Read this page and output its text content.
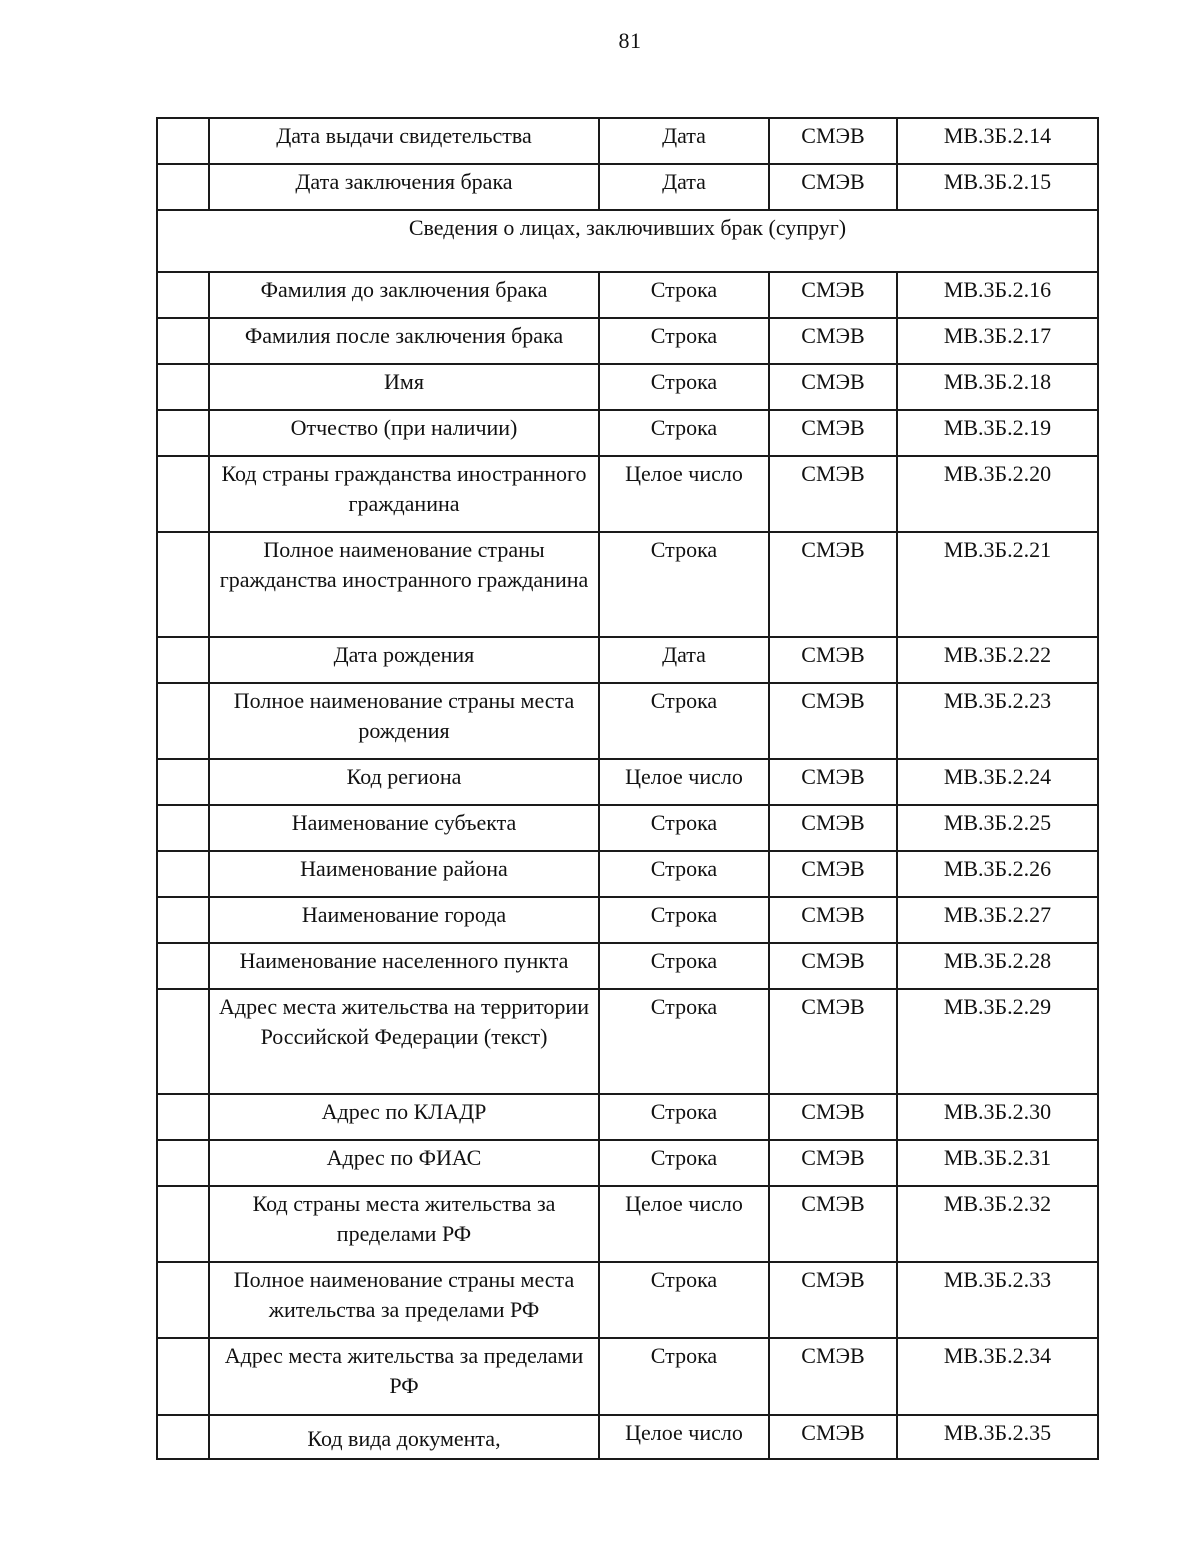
81
	Дата выдачи свидетельства	Дата	СМЭВ	МВ.3Б.2.14
	Дата заключения брака	Дата	СМЭВ	МВ.3Б.2.15
Сведения о лицах, заключивших брак (супруг)				
	Фамилия до заключения брака	Строка	СМЭВ	МВ.3Б.2.16
	Фамилия после заключения брака	Строка	СМЭВ	МВ.3Б.2.17
	Имя	Строка	СМЭВ	МВ.3Б.2.18
	Отчество (при наличии)	Строка	СМЭВ	МВ.3Б.2.19
	Код страны гражданства иностранного гражданина	Целое число	СМЭВ	МВ.3Б.2.20
	Полное наименование страны гражданства иностранного гражданина	Строка	СМЭВ	МВ.3Б.2.21
	Дата рождения	Дата	СМЭВ	МВ.3Б.2.22
	Полное наименование страны места рождения	Строка	СМЭВ	МВ.3Б.2.23
	Код региона	Целое число	СМЭВ	МВ.3Б.2.24
	Наименование субъекта	Строка	СМЭВ	МВ.3Б.2.25
	Наименование района	Строка	СМЭВ	МВ.3Б.2.26
	Наименование города	Строка	СМЭВ	МВ.3Б.2.27
	Наименование населенного пункта	Строка	СМЭВ	МВ.3Б.2.28
	Адрес места жительства на территории Российской Федерации (текст)	Строка	СМЭВ	МВ.3Б.2.29
	Адрес по КЛАДР	Строка	СМЭВ	МВ.3Б.2.30
	Адрес по ФИАС	Строка	СМЭВ	МВ.3Б.2.31
	Код страны места жительства за пределами РФ	Целое число	СМЭВ	МВ.3Б.2.32
	Полное наименование страны места жительства за пределами РФ	Строка	СМЭВ	МВ.3Б.2.33
	Адрес места жительства за пределами РФ	Строка	СМЭВ	МВ.3Б.2.34
	Код вида документа,	Целое число	СМЭВ	МВ.3Б.2.35
